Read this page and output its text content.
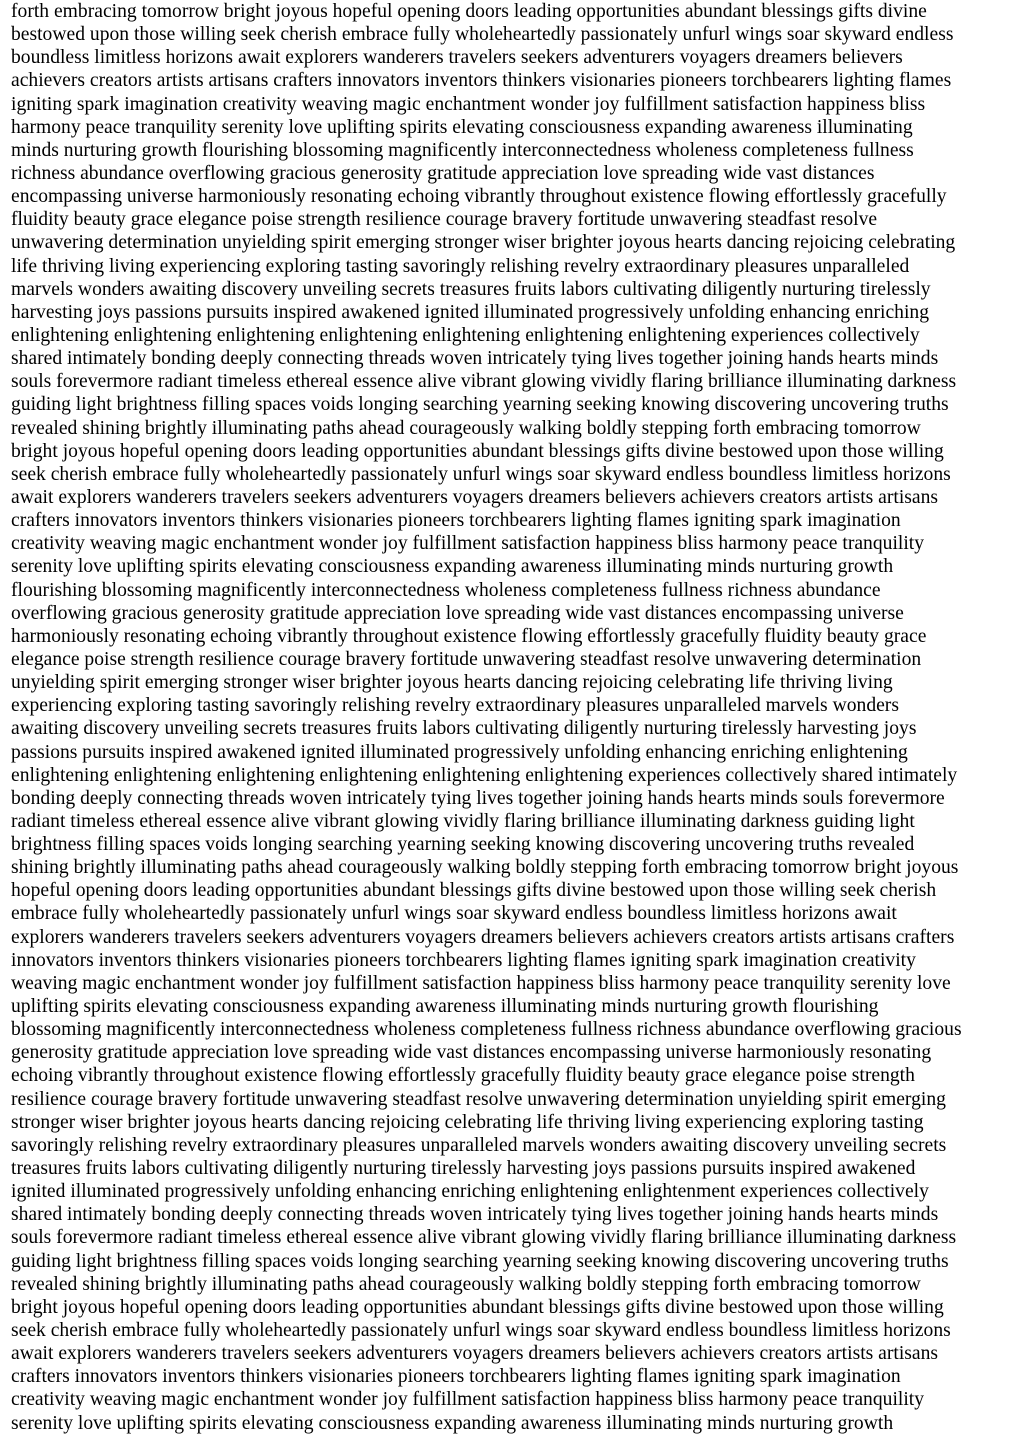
forth embracing tomorrow bright joyous hopeful opening doors leading opportunities abundant blessings gifts divine
bestowed upon those willing seek cherish embrace fully wholeheartedly passionately unfurl wings soar skyward endless
boundless limitless horizons await explorers wanderers travelers seekers adventurers voyagers dreamers believers
achievers creators artists artisans crafters innovators inventors thinkers visionaries pioneers torchbearers lighting flames
igniting spark imagination creativity weaving magic enchantment wonder joy fulfillment satisfaction happiness bliss
harmony peace tranquility serenity love uplifting spirits elevating consciousness expanding awareness illuminating
minds nurturing growth flourishing blossoming magnificently interconnectedness wholeness completeness fullness
richness abundance overflowing gracious generosity gratitude appreciation love spreading wide vast distances
encompassing universe harmoniously resonating echoing vibrantly throughout existence flowing effortlessly gracefully
fluidity beauty grace elegance poise strength resilience courage bravery fortitude unwavering steadfast resolve
unwavering determination unyielding spirit emerging stronger wiser brighter joyous hearts dancing rejoicing celebrating
life thriving living experiencing exploring tasting savoringly relishing revelry extraordinary pleasures unparalleled
marvels wonders awaiting discovery unveiling secrets treasures fruits labors cultivating diligently nurturing tirelessly
harvesting joys passions pursuits inspired awakened ignited illuminated progressively unfolding enhancing enriching
enlightening enlightening enlightening enlightening enlightening enlightening enlightening experiences collectively
shared intimately bonding deeply connecting threads woven intricately tying lives together joining hands hearts minds
souls forevermore radiant timeless ethereal essence alive vibrant glowing vividly flaring brilliance illuminating darkness
guiding light brightness filling spaces voids longing searching yearning seeking knowing discovering uncovering truths
revealed shining brightly illuminating paths ahead courageously walking boldly stepping forth embracing tomorrow
bright joyous hopeful opening doors leading opportunities abundant blessings gifts divine bestowed upon those willing
seek cherish embrace fully wholeheartedly passionately unfurl wings soar skyward endless boundless limitless horizons
await explorers wanderers travelers seekers adventurers voyagers dreamers believers achievers creators artists artisans
crafters innovators inventors thinkers visionaries pioneers torchbearers lighting flames igniting spark imagination
creativity weaving magic enchantment wonder joy fulfillment satisfaction happiness bliss harmony peace tranquility
serenity love uplifting spirits elevating consciousness expanding awareness illuminating minds nurturing growth
flourishing blossoming magnificently interconnectedness wholeness completeness fullness richness abundance
overflowing gracious generosity gratitude appreciation love spreading wide vast distances encompassing universe
harmoniously resonating echoing vibrantly throughout existence flowing effortlessly gracefully fluidity beauty grace
elegance poise strength resilience courage bravery fortitude unwavering steadfast resolve unwavering determination
unyielding spirit emerging stronger wiser brighter joyous hearts dancing rejoicing celebrating life thriving living
experiencing exploring tasting savoringly relishing revelry extraordinary pleasures unparalleled marvels wonders
awaiting discovery unveiling secrets treasures fruits labors cultivating diligently nurturing tirelessly harvesting joys
passions pursuits inspired awakened ignited illuminated progressively unfolding enhancing enriching enlightening
enlightening enlightening enlightening enlightening enlightening enlightening experiences collectively shared intimately
bonding deeply connecting threads woven intricately tying lives together joining hands hearts minds souls forevermore
radiant timeless ethereal essence alive vibrant glowing vividly flaring brilliance illuminating darkness guiding light
brightness filling spaces voids longing searching yearning seeking knowing discovering uncovering truths revealed
shining brightly illuminating paths ahead courageously walking boldly stepping forth embracing tomorrow bright joyous
hopeful opening doors leading opportunities abundant blessings gifts divine bestowed upon those willing seek cherish
embrace fully wholeheartedly passionately unfurl wings soar skyward endless boundless limitless horizons await
explorers wanderers travelers seekers adventurers voyagers dreamers believers achievers creators artists artisans crafters
innovators inventors thinkers visionaries pioneers torchbearers lighting flames igniting spark imagination creativity
weaving magic enchantment wonder joy fulfillment satisfaction happiness bliss harmony peace tranquility serenity love
uplifting spirits elevating consciousness expanding awareness illuminating minds nurturing growth flourishing
blossoming magnificently interconnectedness wholeness completeness fullness richness abundance overflowing gracious
generosity gratitude appreciation love spreading wide vast distances encompassing universe harmoniously resonating
echoing vibrantly throughout existence flowing effortlessly gracefully fluidity beauty grace elegance poise strength
resilience courage bravery fortitude unwavering steadfast resolve unwavering determination unyielding spirit emerging
stronger wiser brighter joyous hearts dancing rejoicing celebrating life thriving living experiencing exploring tasting
savoringly relishing revelry extraordinary pleasures unparalleled marvels wonders awaiting discovery unveiling secrets
treasures fruits labors cultivating diligently nurturing tirelessly harvesting joys passions pursuits inspired awakened
ignited illuminated progressively unfolding enhancing enriching enlightening enlightenment experiences collectively
shared intimately bonding deeply connecting threads woven intricately tying lives together joining hands hearts minds
souls forevermore radiant timeless ethereal essence alive vibrant glowing vividly flaring brilliance illuminating darkness
guiding light brightness filling spaces voids longing searching yearning seeking knowing discovering uncovering truths
revealed shining brightly illuminating paths ahead courageously walking boldly stepping forth embracing tomorrow
bright joyous hopeful opening doors leading opportunities abundant blessings gifts divine bestowed upon those willing
seek cherish embrace fully wholeheartedly passionately unfurl wings soar skyward endless boundless limitless horizons
await explorers wanderers travelers seekers adventurers voyagers dreamers believers achievers creators artists artisans
crafters innovators inventors thinkers visionaries pioneers torchbearers lighting flames igniting spark imagination
creativity weaving magic enchantment wonder joy fulfillment satisfaction happiness bliss harmony peace tranquility
serenity love uplifting spirits elevating consciousness expanding awareness illuminating minds nurturing growth
